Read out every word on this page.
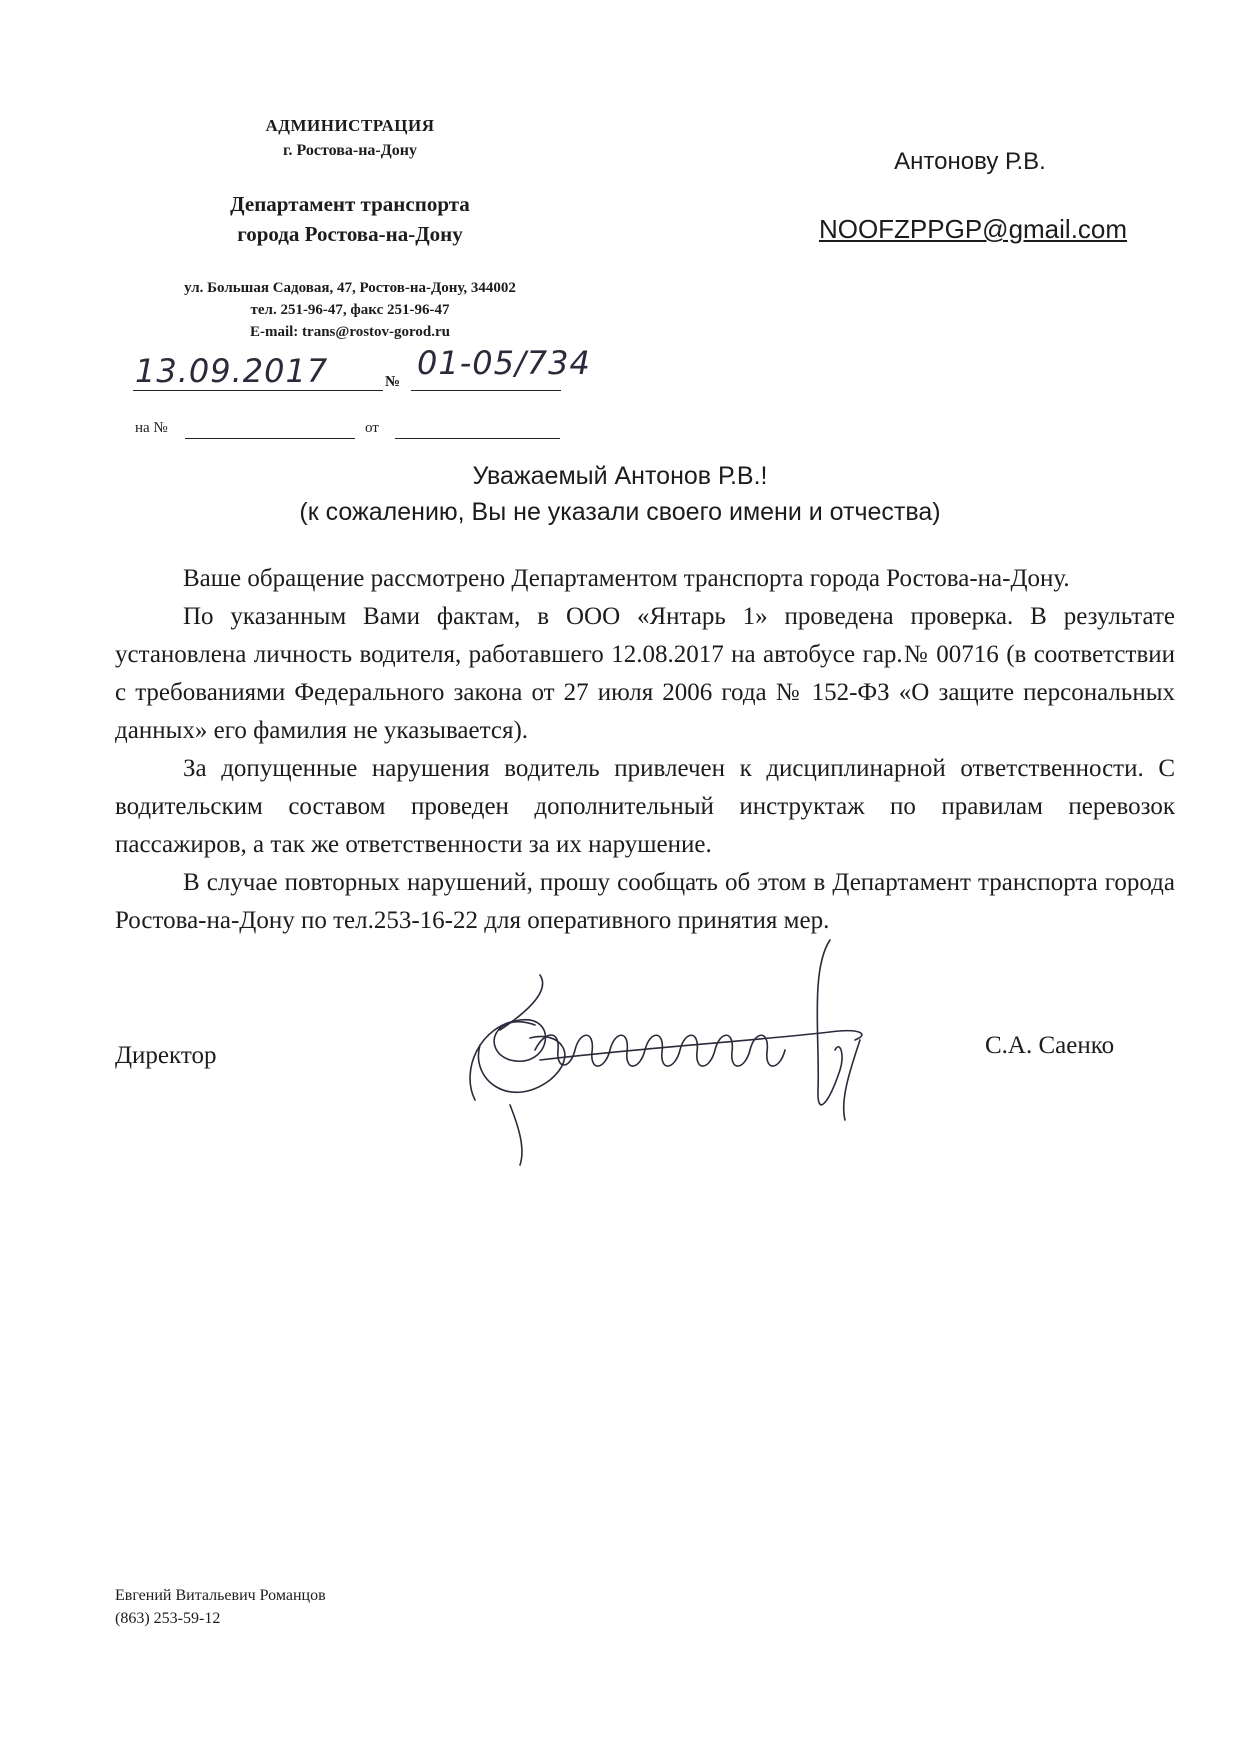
АДМИНИСТРАЦИЯ
г. Ростова-на-Дону
Департамент транспорта
города Ростова-на-Дону
ул. Большая Садовая, 47, Ростов-на-Дону, 344002
тел. 251-96-47, факс 251-96-47
E-mail: trans@rostov-gorod.ru
Антонову Р.В.
NOOFZPPGP@gmail.com
13.09.2017	№ 01-05/734
на №	от
Уважаемый Антонов Р.В.!
(к сожалению, Вы не указали своего имени и отчества)

Ваше обращение рассмотрено Департаментом транспорта города Ростова-на-Дону.

По указанным Вами фактам, в ООО «Янтарь 1» проведена проверка. В результате установлена личность водителя, работавшего 12.08.2017 на автобусе гар.№ 00716 (в соответствии с требованиями Федерального закона от 27 июля 2006 года № 152-ФЗ «О защите персональных данных» его фамилия не указывается).

За допущенные нарушения водитель привлечен к дисциплинарной ответственности. С водительским составом проведен дополнительный инструктаж по правилам перевозок пассажиров, а так же ответственности за их нарушение.

В случае повторных нарушений, прошу сообщать об этом в Департамент транспорта города Ростова-на-Дону по тел.253-16-22 для оперативного принятия мер.

Директор	С.А. Саенко
Евгений Витальевич Романцов
(863) 253-59-12
